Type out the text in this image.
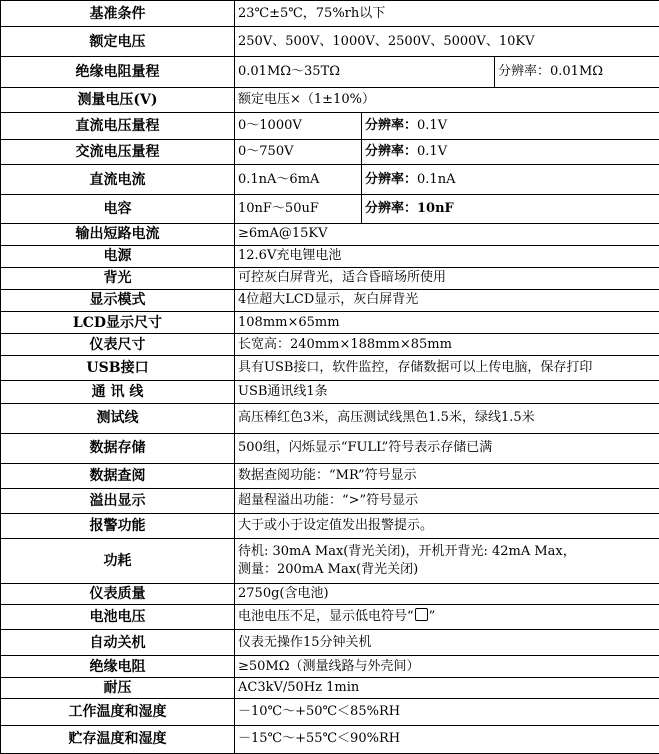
基准条件	23℃±5℃，75%rh以下		
额定电压	250V、500V、1000V、2500V、5000V、10KV		
绝缘电阻量程	0.01MΩ～35TΩ		分辨率：0.01MΩ
测量电压(V)	额定电压×（1±10%）		
直流电压量程	0～1000V	分辨率：0.1V	
交流电压量程	0～750V	分辨率：0.1V	
直流电流	0.1nA～6mA	分辨率：0.1nA	
电容	10nF～50uF	分辨率：10nF	
输出短路电流	≥6mA@15KV		
电源	12.6V充电锂电池		
背光	可控灰白屏背光，适合昏暗场所使用		
显示模式	4位超大LCD显示，灰白屏背光		
LCD显示尺寸	108mm×65mm		
仪表尺寸	长宽高：240mm×188mm×85mm		
USB接口	具有USB接口，软件监控，存储数据可以上传电脑，保存打印		
通 讯 线	USB通讯线1条		
测试线	高压棒红色3米，高压测试线黑色1.5米，绿线1.5米		
数据存储	500组，闪烁显示“FULL”符号表示存储已满		
数据查阅	数据查阅功能：“MR”符号显示		
溢出显示	超量程溢出功能：“>”符号显示		
报警功能	大于或小于设定值发出报警提示。		
功耗	待机: 30mA Max(背光关闭)，开机开背光: 42mA Max，
测量：200mA Max(背光关闭)		
仪表质量	2750g(含电池)		
电池电压	电池电压不足，显示低电符号“ ”		
自动关机	仪表无操作15分钟关机		
绝缘电阻	≥50MΩ（测量线路与外壳间）		
耐压	AC3kV/50Hz 1min		
工作温度和湿度	－10℃～+50℃＜85%RH		
贮存温度和湿度	－15℃～+55℃＜90%RH		
